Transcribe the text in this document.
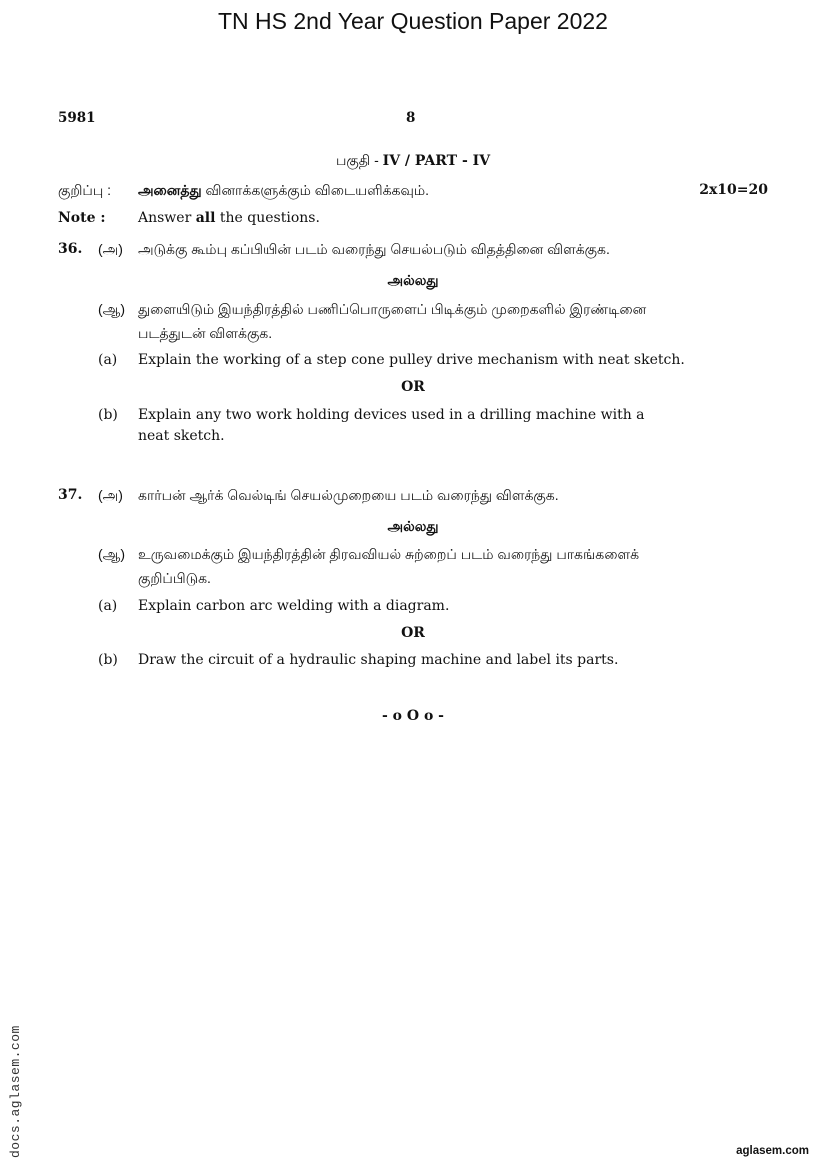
TN HS 2nd Year Question Paper 2022
5981	8
பகுதி - IV / PART - IV
குறிப்பு : அனைத்து வினாக்களுக்கும் விடையளிக்கவும்.	2x10=20
Note : Answer all the questions.
36. (அ) அடுக்கு கூம்பு கப்பியின் படம் வரைந்து செயல்படும் விதத்தினை விளக்குக.
அல்லது
(ஆ) துளையிடும் இயந்திரத்தில் பணிப்பொருளைப் பிடிக்கும் முறைகளில் இரண்டினை
படத்துடன் விளக்குக.
(a) Explain the working of a step cone pulley drive mechanism with neat sketch.
OR
(b) Explain any two work holding devices used in a drilling machine with a
neat sketch.
37. (அ) கார்பன் ஆர்க் வெல்டிங் செயல்முறையை படம் வரைந்து விளக்குக.
அல்லது
(ஆ) உருவமைக்கும் இயந்திரத்தின் திரவவியல் சுற்றைப் படம் வரைந்து பாகங்களைக்
குறிப்பிடுக.
(a) Explain carbon arc welding with a diagram.
OR
(b) Draw the circuit of a hydraulic shaping machine and label its parts.
- o O o -
docs.aglasem.com	aglasem.com
